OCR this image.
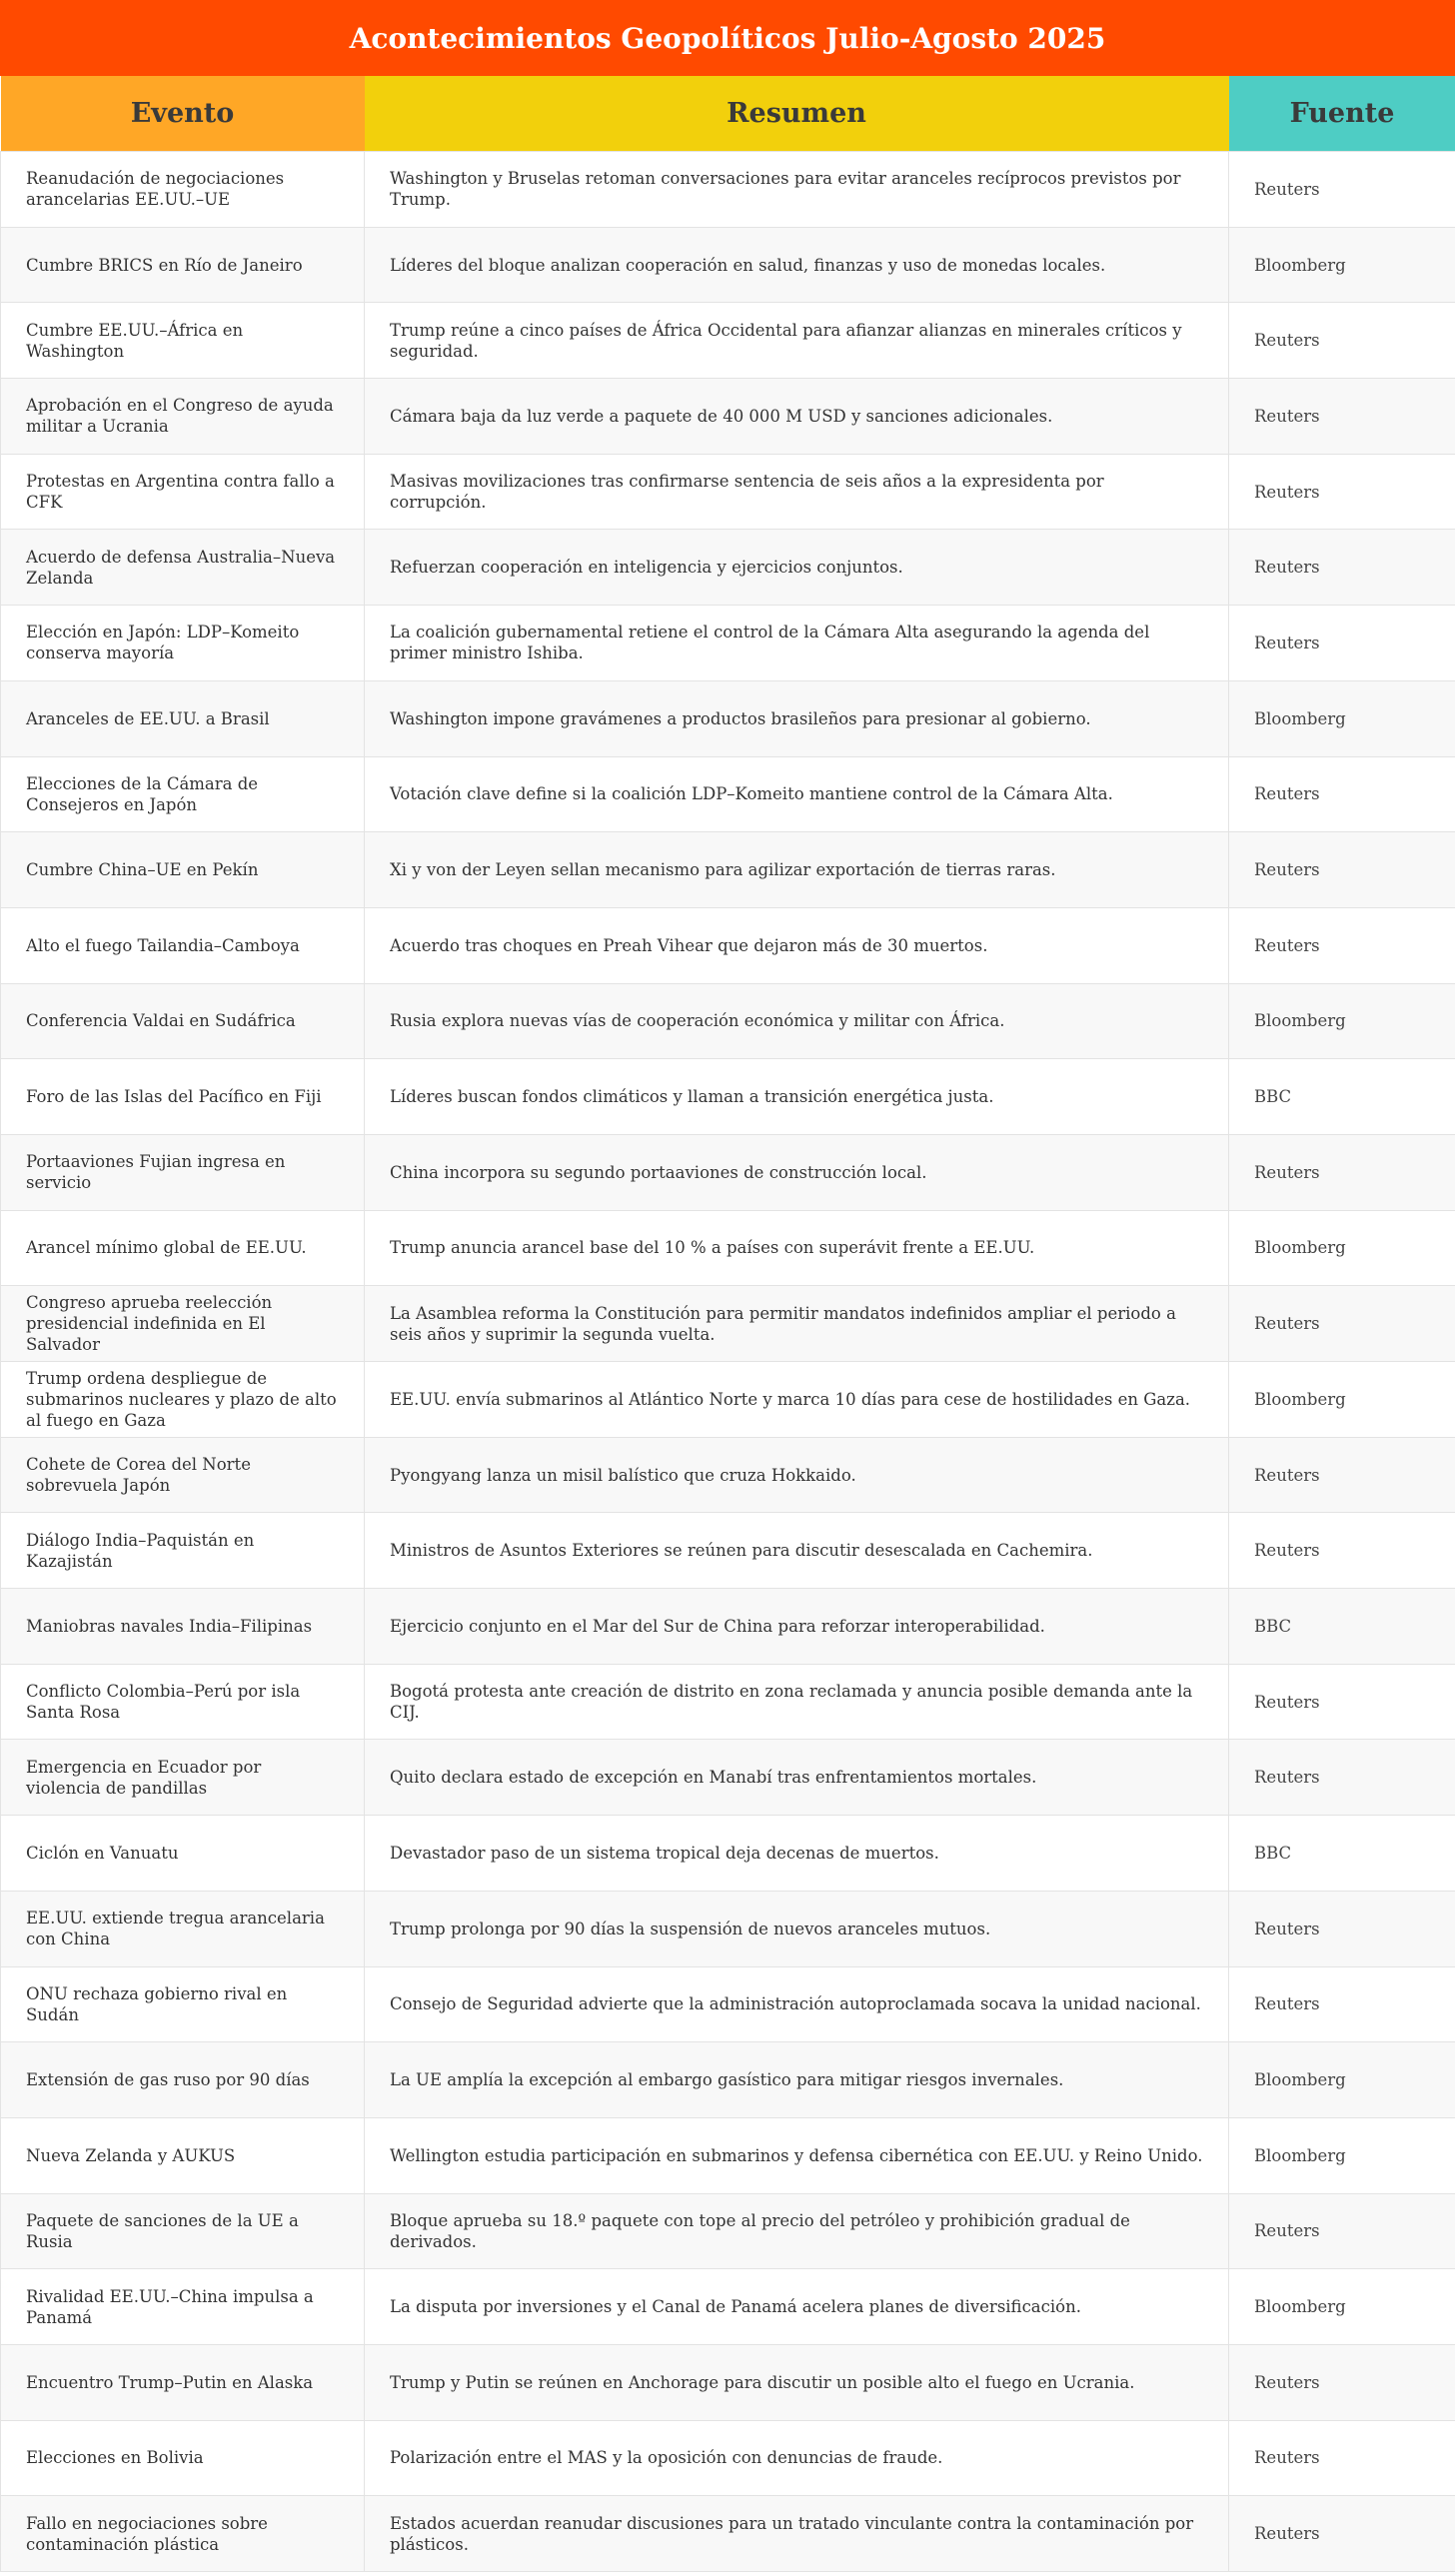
Acontecimientos Geopolíticos Julio-Agosto 2025
Evento	Resumen	Fuente
Reanudación de negociaciones arancelarias EE.UU.–UE	Washington y Bruselas retoman conversaciones para evitar aranceles recíprocos previstos por Trump.	Reuters
Cumbre BRICS en Río de Janeiro	Líderes del bloque analizan cooperación en salud, finanzas y uso de monedas locales.	Bloomberg
Cumbre EE.UU.–África en Washington	Trump reúne a cinco países de África Occidental para afianzar alianzas en minerales críticos y seguridad.	Reuters
Aprobación en el Congreso de ayuda militar a Ucrania	Cámara baja da luz verde a paquete de 40 000 M USD y sanciones adicionales.	Reuters
Protestas en Argentina contra fallo a CFK	Masivas movilizaciones tras confirmarse sentencia de seis años a la expresidenta por corrupción.	Reuters
Acuerdo de defensa Australia–Nueva Zelanda	Refuerzan cooperación en inteligencia y ejercicios conjuntos.	Reuters
Elección en Japón: LDP–Komeito conserva mayoría	La coalición gubernamental retiene el control de la Cámara Alta asegurando la agenda del primer ministro Ishiba.	Reuters
Aranceles de EE.UU. a Brasil	Washington impone gravámenes a productos brasileños para presionar al gobierno.	Bloomberg
Elecciones de la Cámara de Consejeros en Japón	Votación clave define si la coalición LDP–Komeito mantiene control de la Cámara Alta.	Reuters
Cumbre China–UE en Pekín	Xi y von der Leyen sellan mecanismo para agilizar exportación de tierras raras.	Reuters
Alto el fuego Tailandia–Camboya	Acuerdo tras choques en Preah Vihear que dejaron más de 30 muertos.	Reuters
Conferencia Valdai en Sudáfrica	Rusia explora nuevas vías de cooperación económica y militar con África.	Bloomberg
Foro de las Islas del Pacífico en Fiji	Líderes buscan fondos climáticos y llaman a transición energética justa.	BBC
Portaaviones Fujian ingresa en servicio	China incorpora su segundo portaaviones de construcción local.	Reuters
Arancel mínimo global de EE.UU.	Trump anuncia arancel base del 10 % a países con superávit frente a EE.UU.	Bloomberg
Congreso aprueba reelección presidencial indefinida en El Salvador	La Asamblea reforma la Constitución para permitir mandatos indefinidos ampliar el periodo a seis años y suprimir la segunda vuelta.	Reuters
Trump ordena despliegue de submarinos nucleares y plazo de alto al fuego en Gaza	EE.UU. envía submarinos al Atlántico Norte y marca 10 días para cese de hostilidades en Gaza.	Bloomberg
Cohete de Corea del Norte sobrevuela Japón	Pyongyang lanza un misil balístico que cruza Hokkaido.	Reuters
Diálogo India–Paquistán en Kazajistán	Ministros de Asuntos Exteriores se reúnen para discutir desescalada en Cachemira.	Reuters
Maniobras navales India–Filipinas	Ejercicio conjunto en el Mar del Sur de China para reforzar interoperabilidad.	BBC
Conflicto Colombia–Perú por isla Santa Rosa	Bogotá protesta ante creación de distrito en zona reclamada y anuncia posible demanda ante la CIJ.	Reuters
Emergencia en Ecuador por violencia de pandillas	Quito declara estado de excepción en Manabí tras enfrentamientos mortales.	Reuters
Ciclón en Vanuatu	Devastador paso de un sistema tropical deja decenas de muertos.	BBC
EE.UU. extiende tregua arancelaria con China	Trump prolonga por 90 días la suspensión de nuevos aranceles mutuos.	Reuters
ONU rechaza gobierno rival en Sudán	Consejo de Seguridad advierte que la administración autoproclamada socava la unidad nacional.	Reuters
Extensión de gas ruso por 90 días	La UE amplía la excepción al embargo gasístico para mitigar riesgos invernales.	Bloomberg
Nueva Zelanda y AUKUS	Wellington estudia participación en submarinos y defensa cibernética con EE.UU. y Reino Unido.	Bloomberg
Paquete de sanciones de la UE a Rusia	Bloque aprueba su 18.º paquete con tope al precio del petróleo y prohibición gradual de derivados.	Reuters
Rivalidad EE.UU.–China impulsa a Panamá	La disputa por inversiones y el Canal de Panamá acelera planes de diversificación.	Bloomberg
Encuentro Trump–Putin en Alaska	Trump y Putin se reúnen en Anchorage para discutir un posible alto el fuego en Ucrania.	Reuters
Elecciones en Bolivia	Polarización entre el MAS y la oposición con denuncias de fraude.	Reuters
Fallo en negociaciones sobre contaminación plástica	Estados acuerdan reanudar discusiones para un tratado vinculante contra la contaminación por plásticos.	Reuters
